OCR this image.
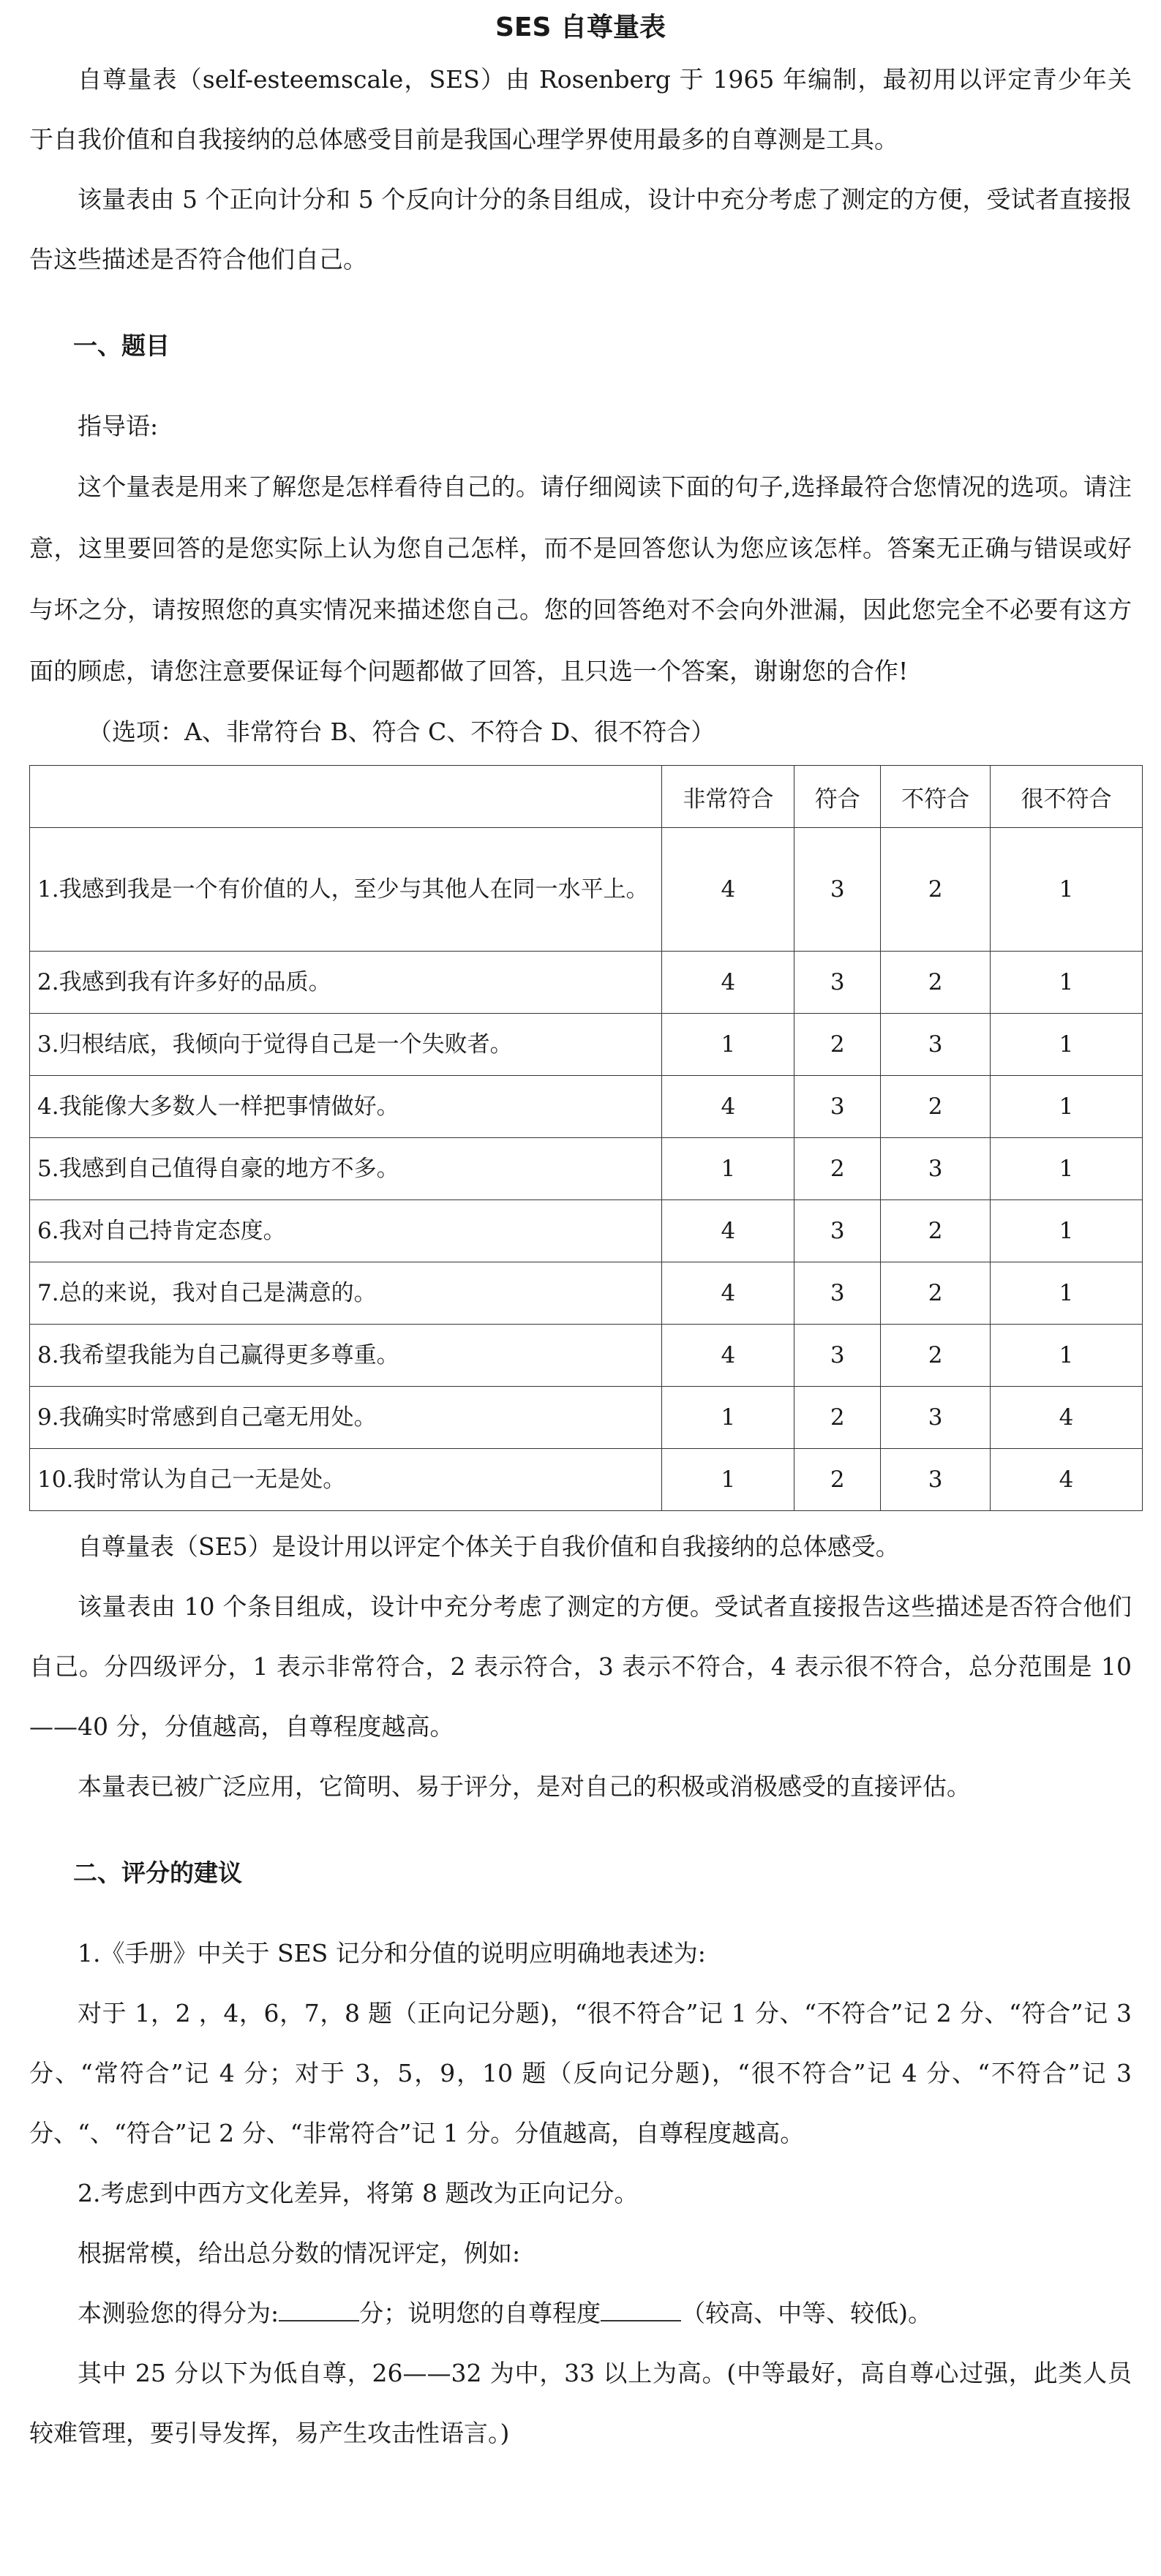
SES 自尊量表

自尊量表（self-esteemscale，SES）由 Rosenberg 于 1965 年编制，最初用以评定青少年关于自我价值和自我接纳的总体感受目前是我国心理学界使用最多的自尊测是工具。

该量表由 5 个正向计分和 5 个反向计分的条目组成，设计中充分考虑了测定的方便，受试者直接报告这些描述是否符合他们自己。

一、题目

指导语:

这个量表是用来了解您是怎样看待自己的。请仔细阅读下面的句子,选择最符合您情况的选项。请注意，这里要回答的是您实际上认为您自己怎样，而不是回答您认为您应该怎样。答案无正确与错误或好与坏之分，请按照您的真实情况来描述您自己。您的回答绝对不会向外泄漏，因此您完全不必要有这方面的顾虑，请您注意要保证每个问题都做了回答，且只选一个答案，谢谢您的合作!

（选项：A、非常符台 B、符合 C、不符合 D、很不符合）

	非常符合	符合	不符合	很不符合
1.我感到我是一个有价值的人，至少与其他人在同一水平上。	4	3	2	1
2.我感到我有许多好的品质。	4	3	2	1
3.归根结底，我倾向于觉得自己是一个失败者。	1	2	3	1
4.我能像大多数人一样把事情做好。	4	3	2	1
5.我感到自己值得自豪的地方不多。	1	2	3	1
6.我对自己持肯定态度。	4	3	2	1
7.总的来说，我对自己是满意的。	4	3	2	1
8.我希望我能为自己赢得更多尊重。	4	3	2	1
9.我确实时常感到自己毫无用处。	1	2	3	4
10.我时常认为自己一无是处。	1	2	3	4

自尊量表（SE5）是设计用以评定个体关于自我价值和自我接纳的总体感受。

该量表由 10 个条目组成，设计中充分考虑了测定的方便。受试者直接报告这些描述是否符合他们自己。分四级评分，1 表示非常符合，2 表示符合，3 表示不符合，4 表示很不符合，总分范围是 10——40 分，分值越高，自尊程度越高。

本量表已被广泛应用，它简明、易于评分，是对自己的积极或消极感受的直接评估。

二、评分的建议

1.《手册》中关于 SES 记分和分值的说明应明确地表述为:

对于 1，2 ，4，6，7，8 题（正向记分题)，“很不符合”记 1 分、“不符合”记 2 分、“符合”记 3 分、“常符合”记 4 分；对于 3，5，9，10 题（反向记分题)，“很不符合”记 4 分、“不符合”记 3 分、“、“符合”记 2 分、“非常符合”记 1 分。分值越高，自尊程度越高。

2.考虑到中西方文化差异，将第 8 题改为正向记分。

根据常模，给出总分数的情况评定，例如:

本测验您的得分为:	分；说明您的自尊程度	（较高、中等、较低)。

其中 25 分以下为低自尊，26——32 为中，33 以上为高。(中等最好，高自尊心过强，此类人员较难管理，要引导发挥，易产生攻击性语言。)
